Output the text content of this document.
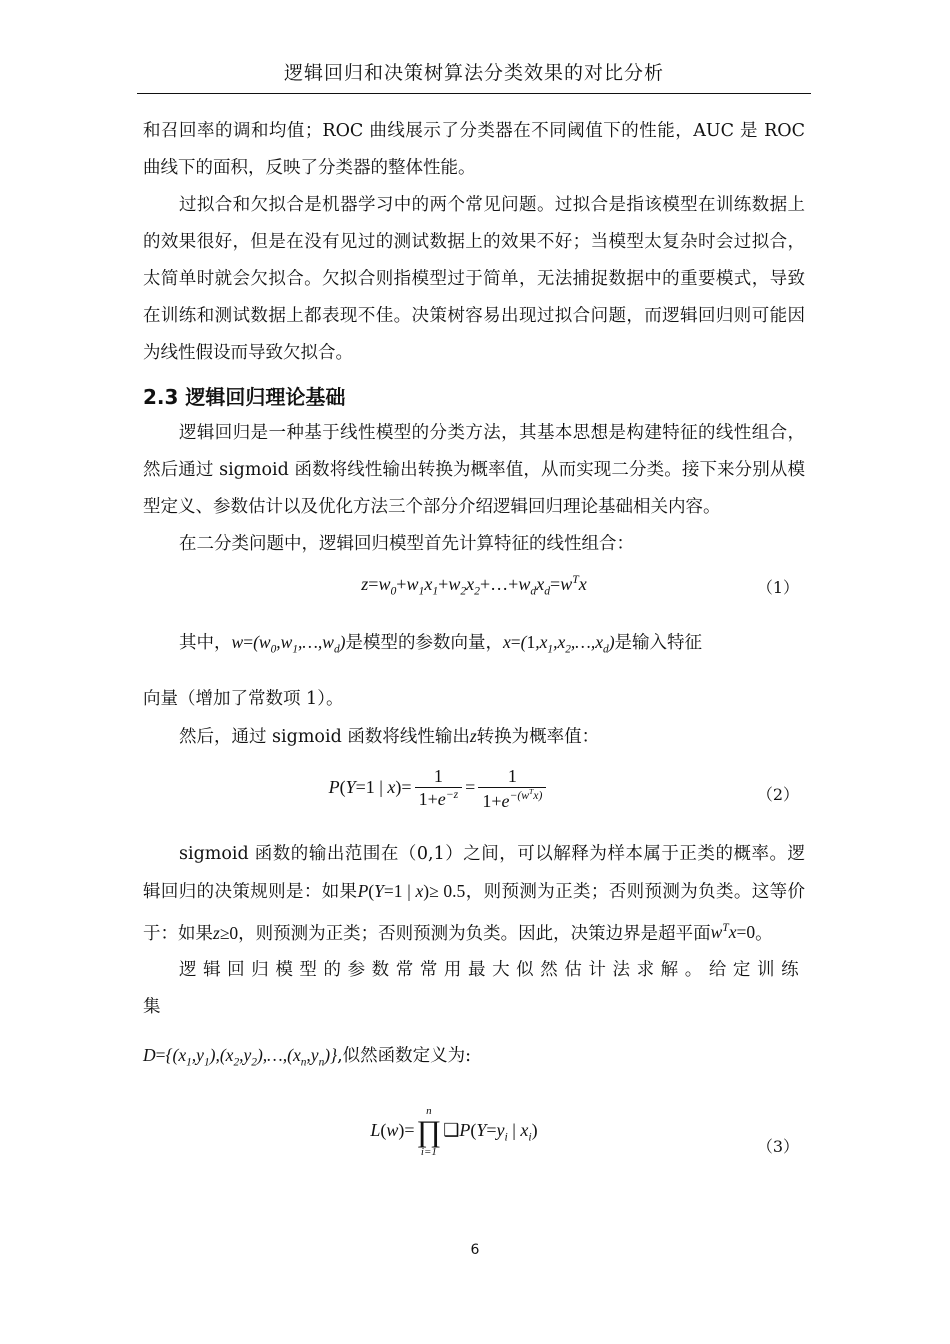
逻辑回归和决策树算法分类效果的对比分析

和召回率的调和均值；ROC 曲线展示了分类器在不同阈值下的性能，AUC 是 ROC 曲线下的面积，反映了分类器的整体性能。

过拟合和欠拟合是机器学习中的两个常见问题。过拟合是指该模型在训练数据上的效果很好，但是在没有见过的测试数据上的效果不好；当模型太复杂时会过拟合，太简单时就会欠拟合。欠拟合则指模型过于简单，无法捕捉数据中的重要模式，导致在训练和测试数据上都表现不佳。决策树容易出现过拟合问题，而逻辑回归则可能因为线性假设而导致欠拟合。

2.3 逻辑回归理论基础

逻辑回归是一种基于线性模型的分类方法，其基本思想是构建特征的线性组合，然后通过 sigmoid 函数将线性输出转换为概率值，从而实现二分类。接下来分别从模型定义、参数估计以及优化方法三个部分介绍逻辑回归理论基础相关内容。

在二分类问题中，逻辑回归模型首先计算特征的线性组合：

$z=w_0+w_1x_1+w_2x_2+\dots+w_dx_d=w^Tx$	（1）

其中，$w=(w_0,w_1,\dots,w_d)$是模型的参数向量，$x=(1,x_1,x_2,\dots,x_d)$是输入特征

向量（增加了常数项 1）。

然后，通过 sigmoid 函数将线性输出z转换为概率值：

P(Y=1 | $x)= \frac{1}{1+e^{-z}} = \frac{1}{1+e^{-(w^Tx)}}$	（2）

sigmoid 函数的输出范围在（0,1）之间，可以解释为样本属于正类的概率。逻辑回归的决策规则是：如果P(Y=1 | x)≥ 0.5，则预测为正类；否则预测为负类。这等价于：如果z≥0，则预测为正类；否则预测为负类。因此，决策边界是超平面$w^Tx=0$。

逻辑回归模型的参数常常用最大似然估计法求解。给定训练集

$D=\{(x_1,y_1),(x_2,y_2),\dots,(x_n,y_n)\}$,似然函数定义为:

L(w)=
n
∏
i=1
$❑P(Y=y_i$ | $x_i$)
（3）
6
